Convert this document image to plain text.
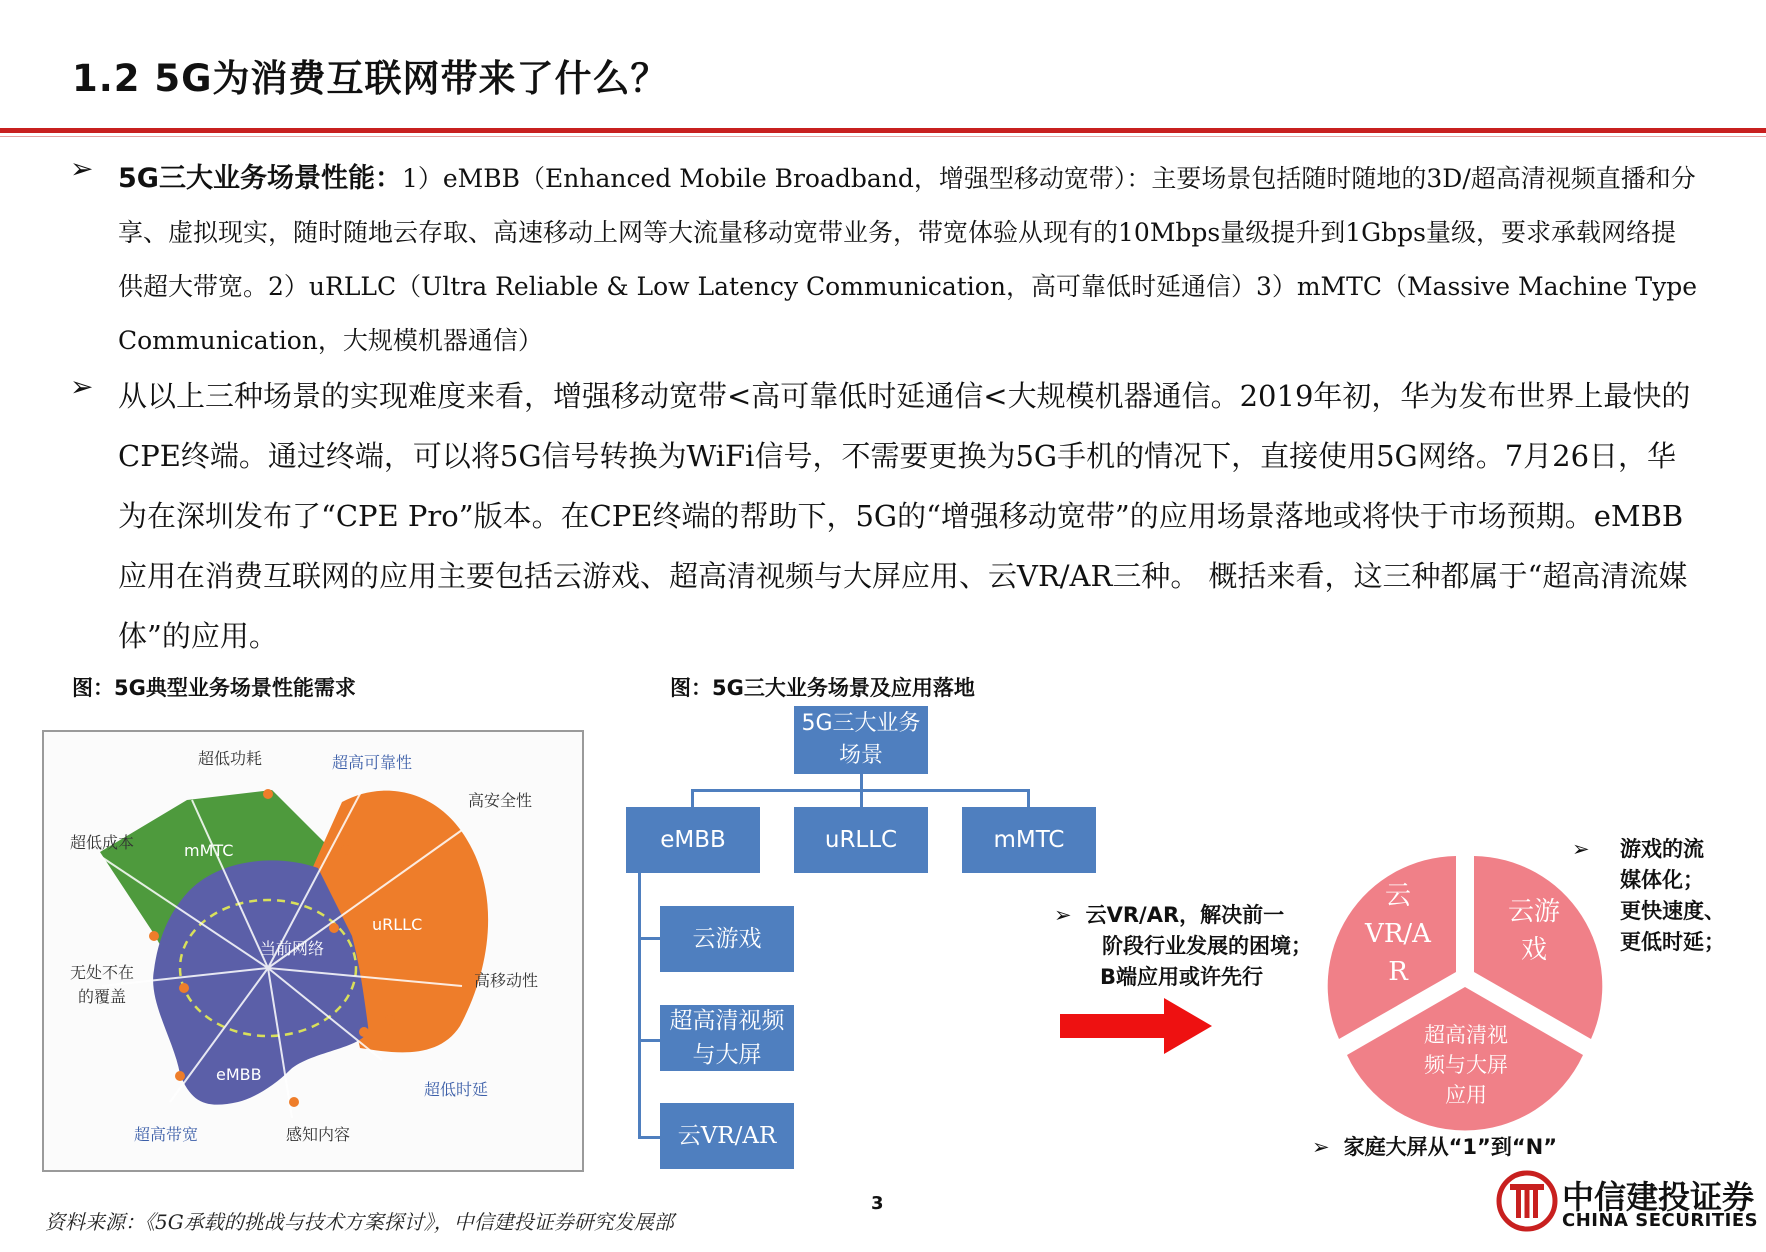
1.2 5G为消费互联网带来了什么？
➢ 5G三大业务场景性能：1）eMBB（Enhanced Mobile Broadband，增强型移动宽带）：主要场景包括随时随地的3D/超高清视频直播和分享、虚拟现实，随时随地云存取、高速移动上网等大流量移动宽带业务，带宽体验从现有的10Mbps量级提升到1Gbps量级，要求承载网络提供超大带宽。2）uRLLC（Ultra Reliable & Low Latency Communication，高可靠低时延通信）3）mMTC（Massive Machine Type Communication，大规模机器通信）
➢ 从以上三种场景的实现难度来看，增强移动宽带<高可靠低时延通信<大规模机器通信。2019年初，华为发布世界上最快的CPE终端。通过终端，可以将5G信号转换为WiFi信号，不需要更换为5G手机的情况下，直接使用5G网络。7月26日，华为在深圳发布了“CPE Pro”版本。在CPE终端的帮助下，5G的“增强移动宽带”的应用场景落地或将快于市场预期。eMBB应用在消费互联网的应用主要包括云游戏、超高清视频与大屏应用、云VR/AR三种。 概括来看，这三种都属于“超高清流媒体”的应用。
图：5G典型业务场景性能需求	图：5G三大业务场景及应用落地
超低功耗	超高可靠性
高安全性
超低成本	mMTC
uRLLC
当前网络
无处不在
的覆盖
高移动性
eMBB
超低时延
超高带宽	感知内容
5G三大业务场景
eMBB	uRLLC	mMTC
云游戏
超高清视频与大屏
云VR/AR
➢ 云VR/AR，解决前一
阶段行业发展的困境；
B端应用或许先行
➢	游戏的流
媒体化；
更快速度、
更低时延；
➢ 家庭大屏从“1”到“N”
云
VR/A
R
云游
戏
超高清视
频与大屏
应用
资料来源：《5G承载的挑战与技术方案探讨》，中信建投证券研究发展部
3	中信建投证券
CHINA SECURITIES
